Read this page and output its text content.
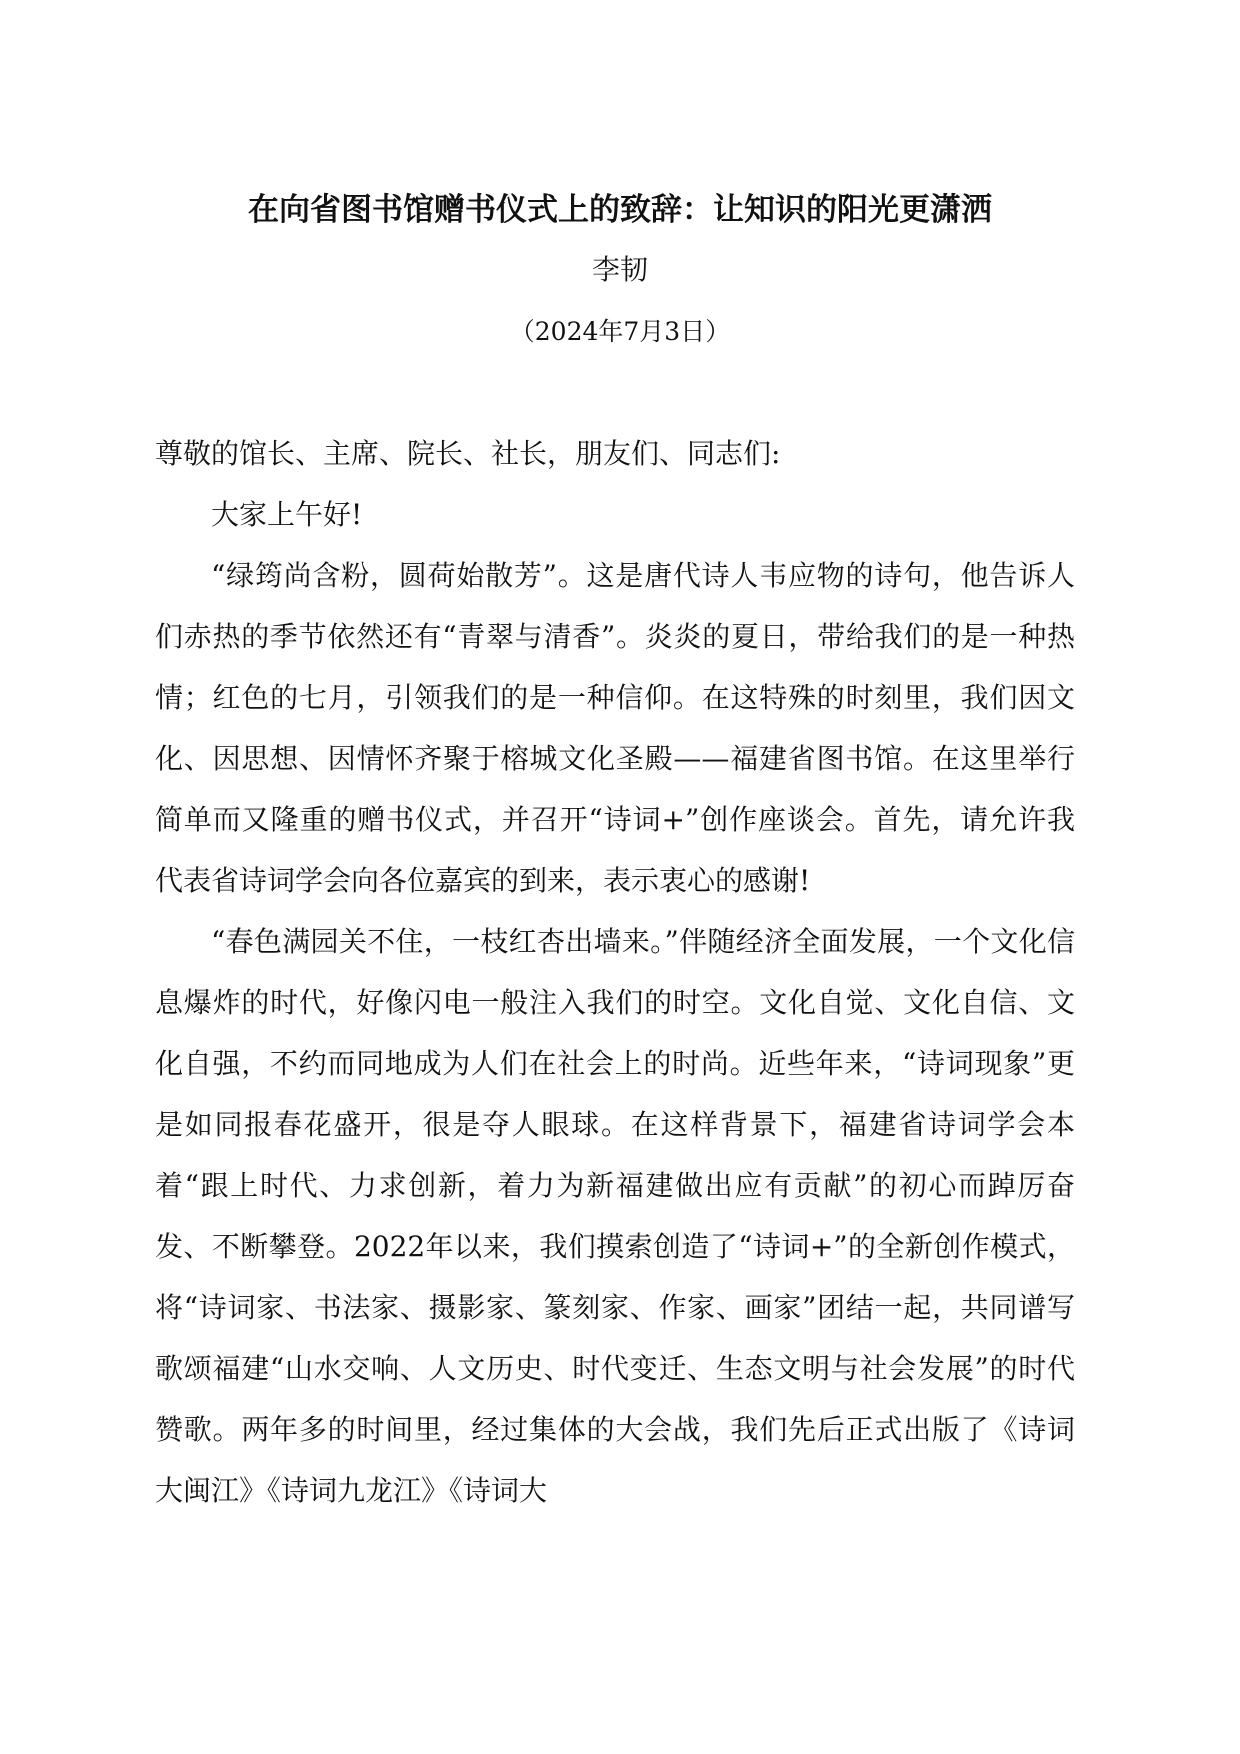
在向省图书馆赠书仪式上的致辞：让知识的阳光更潇洒
李韧
（2024年7月3日）

尊敬的馆长、主席、院长、社长，朋友们、同志们:

大家上午好!

“绿筠尚含粉，圆荷始散芳”。这是唐代诗人韦应物的诗句，他告诉人们赤热的季节依然还有“青翠与清香”。炎炎的夏日，带给我们的是一种热情；红色的七月，引领我们的是一种信仰。在这特殊的时刻里，我们因文化、因思想、因情怀齐聚于榕城文化圣殿——福建省图书馆。在这里举行简单而又隆重的赠书仪式，并召开“诗词+”创作座谈会。首先，请允许我代表省诗词学会向各位嘉宾的到来，表示衷心的感谢!

“春色满园关不住，一枝红杏出墙来。”伴随经济全面发展，一个文化信息爆炸的时代，好像闪电一般注入我们的时空。文化自觉、文化自信、文化自强，不约而同地成为人们在社会上的时尚。近些年来，“诗词现象”更是如同报春花盛开，很是夺人眼球。在这样背景下，福建省诗词学会本着“跟上时代、力求创新，着力为新福建做出应有贡献”的初心而踔厉奋发、不断攀登。2022年以来，我们摸索创造了“诗词+”的全新创作模式，将“诗词家、书法家、摄影家、篆刻家、作家、画家”团结一起，共同谱写歌颂福建“山水交响、人文历史、时代变迁、生态文明与社会发展”的时代赞歌。两年多的时间里，经过集体的大会战，我们先后正式出版了《诗词大闽江》《诗词九龙江》《诗词大
